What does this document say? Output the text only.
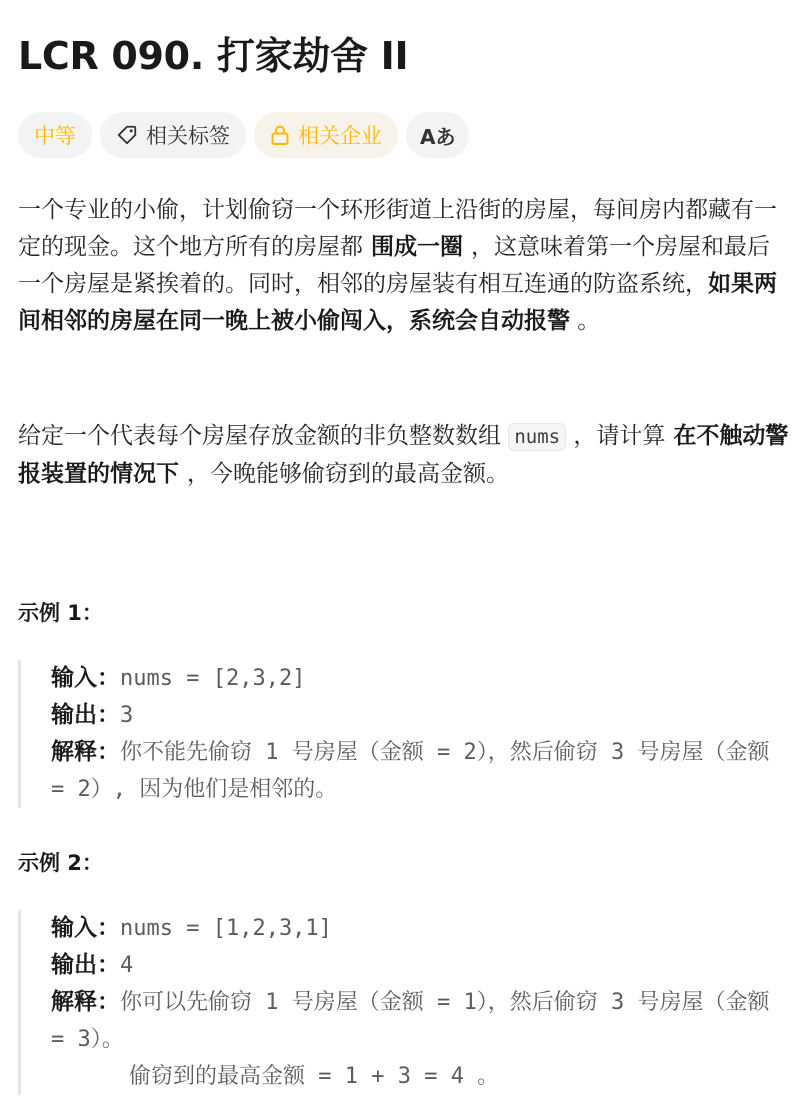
LCR 090. 打家劫舍 II
中等	相关标签	相关企业 Aあ

一个专业的小偷，计划偷窃一个环形街道上沿街的房屋，每间房内都藏有一定的现金。这个地方所有的房屋都 围成一圈 ，这意味着第一个房屋和最后一个房屋是紧挨着的。同时，相邻的房屋装有相互连通的防盗系统，如果两间相邻的房屋在同一晚上被小偷闯入，系统会自动报警 。

给定一个代表每个房屋存放金额的非负整数数组 nums ，请计算 在不触动警报装置的情况下 ，今晚能够偷窃到的最高金额。

示例 1：
输入：nums = [2,3,2]
输出：3
解释：你不能先偷窃 1 号房屋（金额 = 2），然后偷窃 3 号房屋（金额 = 2）, 因为他们是相邻的。
示例 2：
输入：nums = [1,2,3,1]
输出：4
解释：你可以先偷窃 1 号房屋（金额 = 1），然后偷窃 3 号房屋（金额 = 3）。
偷窃到的最高金额 = 1 + 3 = 4 。
